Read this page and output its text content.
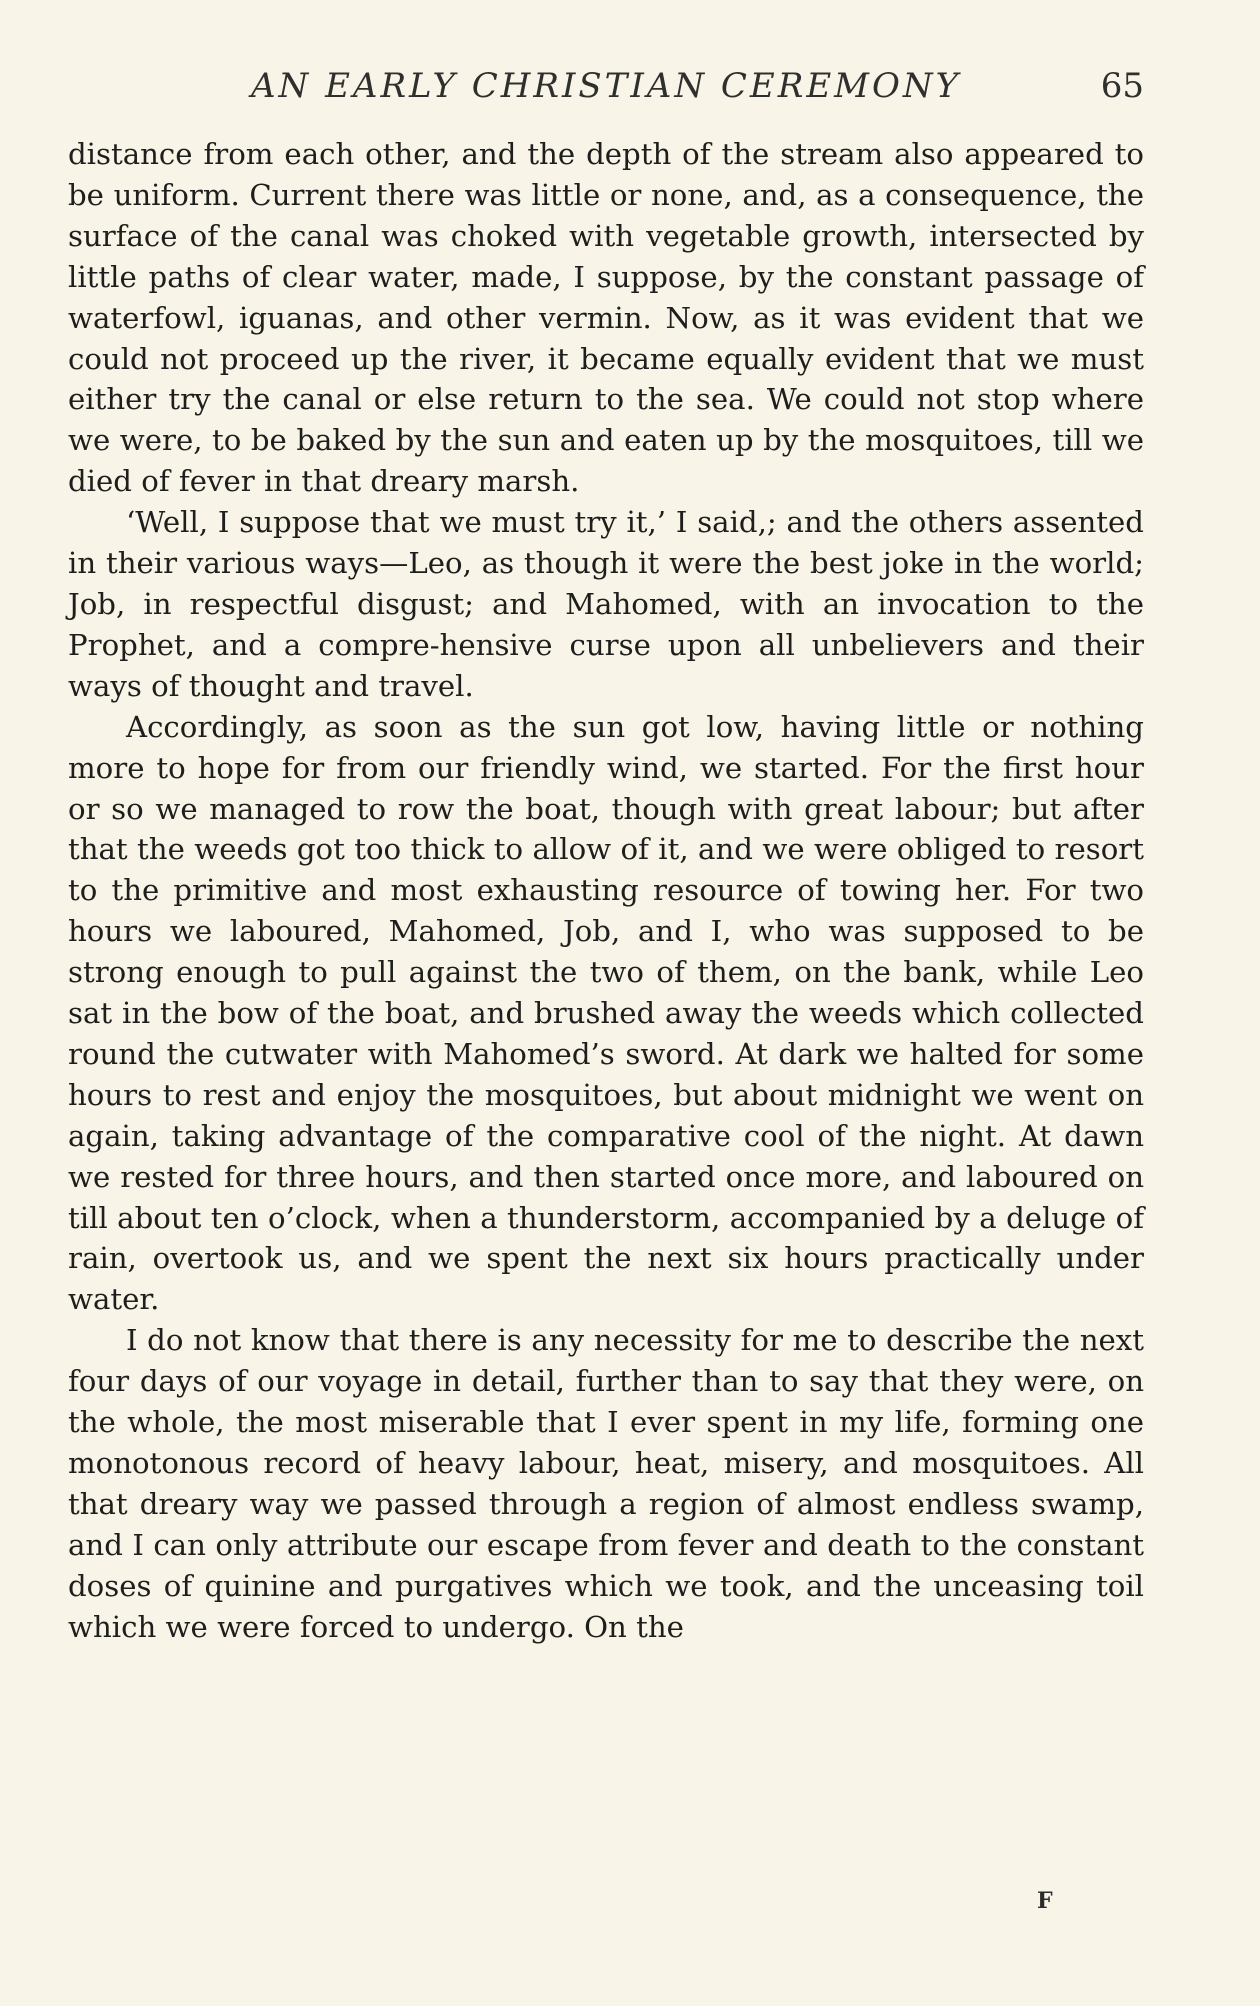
AN EARLY CHRISTIAN CEREMONY	65

distance from each other, and the depth of the stream also appeared to be uniform. Current there was little or none, and, as a consequence, the surface of the canal was choked with vegetable growth, intersected by little paths of clear water, made, I suppose, by the constant passage of waterfowl, iguanas, and other vermin. Now, as it was evident that we could not proceed up the river, it became equally evident that we must either try the canal or else return to the sea. We could not stop where we were, to be baked by the sun and eaten up by the mosquitoes, till we died of fever in that dreary marsh.

‘Well, I suppose that we must try it,’ I said,; and the others assented in their various ways—Leo, as though it were the best joke in the world; Job, in respectful disgust; and Mahomed, with an invocation to the Prophet, and a compre-hensive curse upon all unbelievers and their ways of thought and travel.

Accordingly, as soon as the sun got low, having little or nothing more to hope for from our friendly wind, we started. For the first hour or so we managed to row the boat, though with great labour; but after that the weeds got too thick to allow of it, and we were obliged to resort to the primitive and most exhausting resource of towing her. For two hours we laboured, Mahomed, Job, and I, who was supposed to be strong enough to pull against the two of them, on the bank, while Leo sat in the bow of the boat, and brushed away the weeds which collected round the cutwater with Mahomed’s sword. At dark we halted for some hours to rest and enjoy the mosquitoes, but about midnight we went on again, taking advantage of the comparative cool of the night. At dawn we rested for three hours, and then started once more, and laboured on till about ten o’clock, when a thunderstorm, accompanied by a deluge of rain, overtook us, and we spent the next six hours practically under water.

I do not know that there is any necessity for me to describe the next four days of our voyage in detail, further than to say that they were, on the whole, the most miserable that I ever spent in my life, forming one monotonous record of heavy labour, heat, misery, and mosquitoes. All that dreary way we passed through a region of almost endless swamp, and I can only attribute our escape from fever and death to the constant doses of quinine and purgatives which we took, and the unceasing toil which we were forced to undergo. On the

F
